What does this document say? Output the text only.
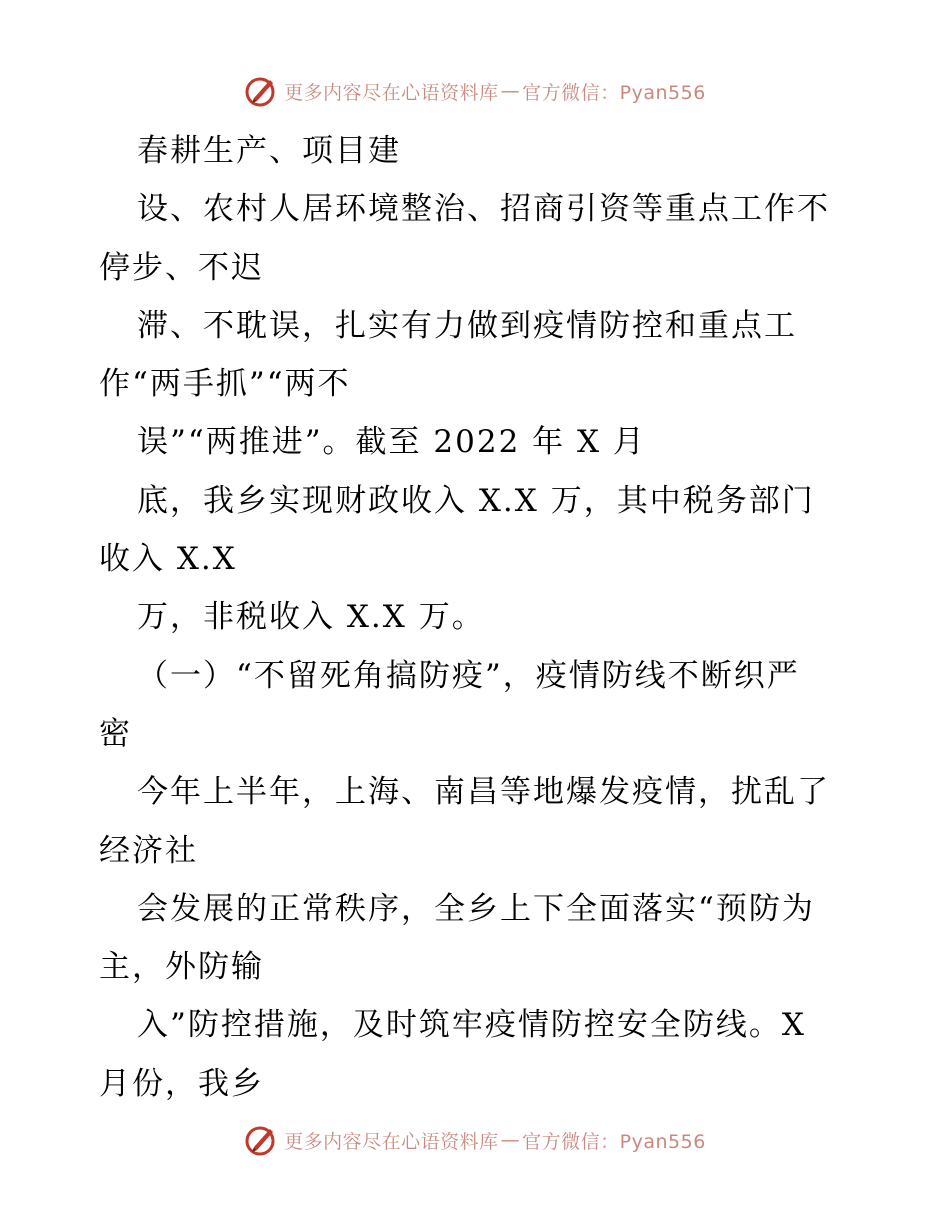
更多内容尽在心语资料库 — 官方微信：Pyan556
春耕生产、项目建
设、农村人居环境整治、招商引资等重点工作不
停步、不迟
滞、不耽误，扎实有力做到疫情防控和重点工
作“两手抓”“两不
误”“两推进”。截至 2022 年 X 月
底，我乡实现财政收入 X.X 万，其中税务部门
收入 X.X
万，非税收入 X.X 万。
（一）“不留死角搞防疫”，疫情防线不断织严
密
今年上半年，上海、南昌等地爆发疫情，扰乱了
经济社
会发展的正常秩序，全乡上下全面落实“预防为
主，外防输
入”防控措施，及时筑牢疫情防控安全防线。X
月份，我乡
更多内容尽在心语资料库 — 官方微信：Pyan556
